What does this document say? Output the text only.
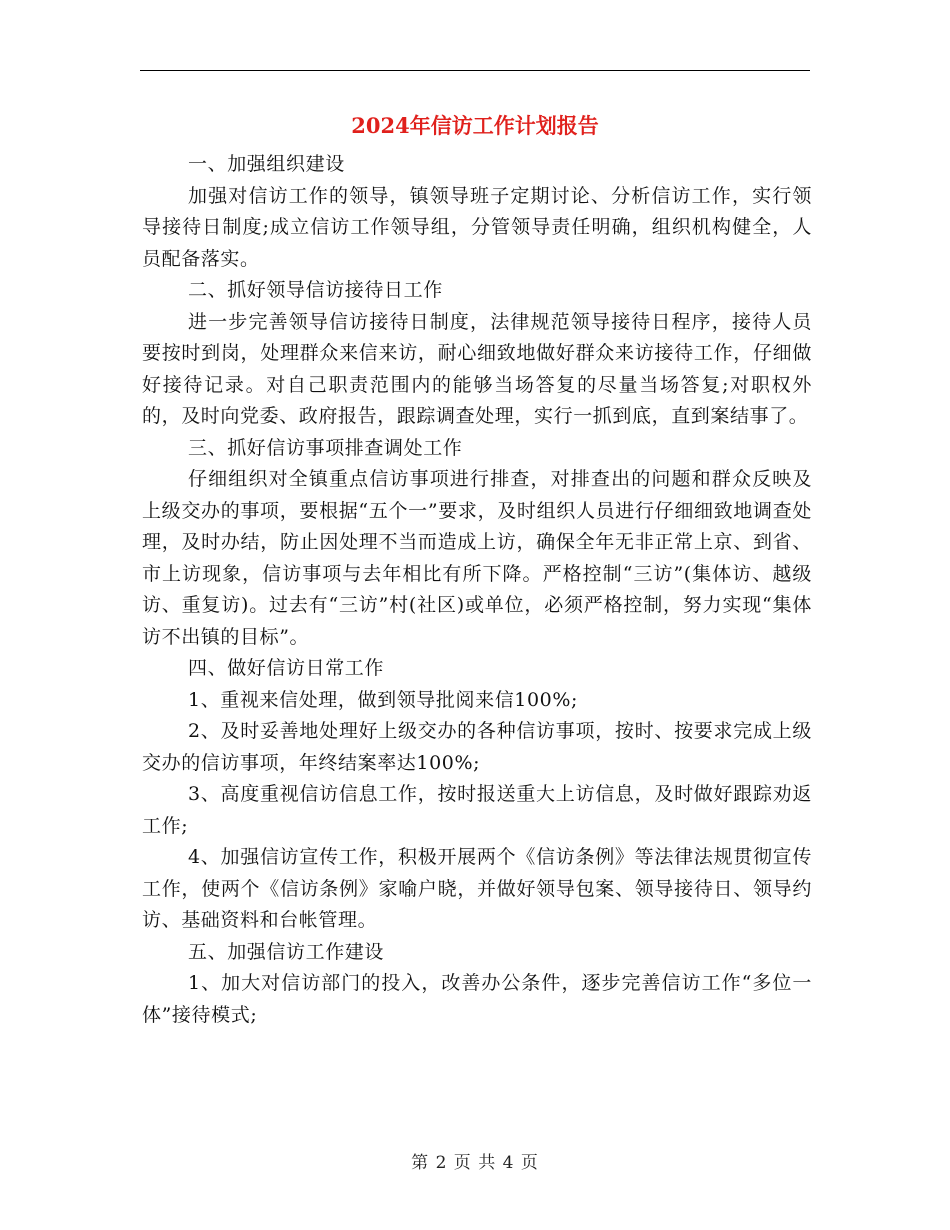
2024年信访工作计划报告

一、加强组织建设

加强对信访工作的领导，镇领导班子定期讨论、分析信访工作，实行领导接待日制度;成立信访工作领导组，分管领导责任明确，组织机构健全，人员配备落实。

二、抓好领导信访接待日工作

进一步完善领导信访接待日制度，法律规范领导接待日程序，接待人员要按时到岗，处理群众来信来访，耐心细致地做好群众来访接待工作，仔细做好接待记录。对自己职责范围内的能够当场答复的尽量当场答复;对职权外的，及时向党委、政府报告，跟踪调查处理，实行一抓到底，直到案结事了。

三、抓好信访事项排查调处工作

仔细组织对全镇重点信访事项进行排查，对排查出的问题和群众反映及上级交办的事项，要根据“五个一”要求，及时组织人员进行仔细细致地调查处理，及时办结，防止因处理不当而造成上访，确保全年无非正常上京、到省、市上访现象，信访事项与去年相比有所下降。严格控制“三访”(集体访、越级访、重复访)。过去有“三访”村(社区)或单位，必须严格控制，努力实现“集体访不出镇的目标”。

四、做好信访日常工作

1、重视来信处理，做到领导批阅来信100%;

2、及时妥善地处理好上级交办的各种信访事项，按时、按要求完成上级交办的信访事项，年终结案率达100%;

3、高度重视信访信息工作，按时报送重大上访信息，及时做好跟踪劝返工作;

4、加强信访宣传工作，积极开展两个《信访条例》等法律法规贯彻宣传工作，使两个《信访条例》家喻户晓，并做好领导包案、领导接待日、领导约访、基础资料和台帐管理。

五、加强信访工作建设

1、加大对信访部门的投入，改善办公条件，逐步完善信访工作“多位一体”接待模式;

第 2 页 共 4 页
